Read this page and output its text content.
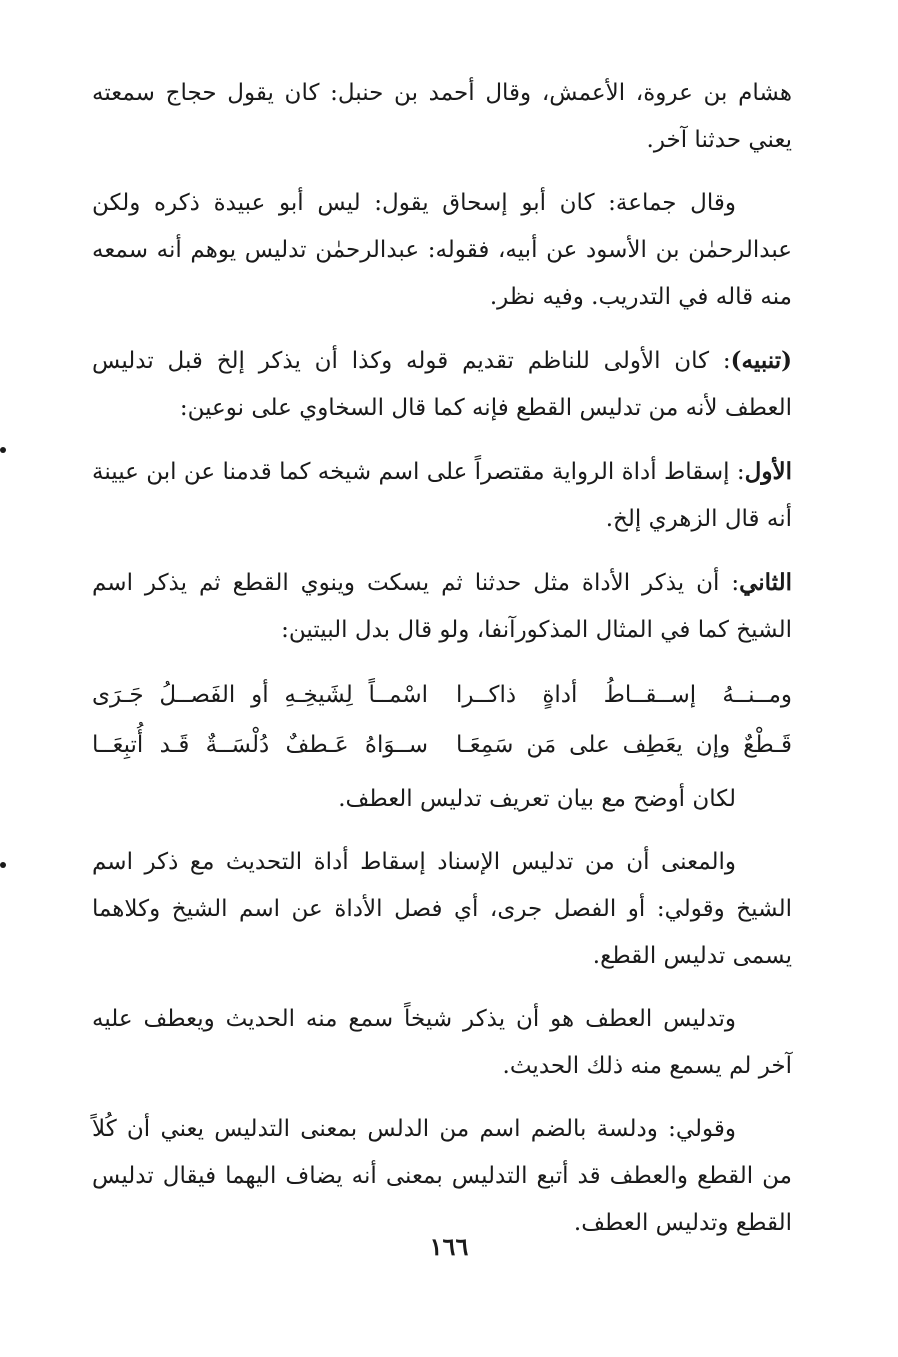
هشام بن عروة، الأعمش، وقال أحمد بن حنبل: كان يقول حجاج سمعته يعني حدثنا آخر.

وقال جماعة: كان أبو إسحاق يقول: ليس أبو عبيدة ذكره ولكن عبدالرحمٰن بن الأسود عن أبيه، فقوله: عبدالرحمٰن تدليس يوهم أنه سمعه منه قاله في التدريب. وفيه نظر.

(تنبيه): كان الأولى للناظم تقديم قوله وكذا أن يذكر إلخ قبل تدليس العطف لأنه من تدليس القطع فإنه كما قال السخاوي على نوعين:

الأول: إسقاط أداة الرواية مقتصراً على اسم شيخه كما قدمنا عن ابن عيينة أنه قال الزهري إلخ.

الثاني: أن يذكر الأداة مثل حدثنا ثم يسكت وينوي القطع ثم يذكر اسم الشيخ كما في المثال المذكورآنفا، ولو قال بدل البيتين:

ومــنــهُ إســقــاطُ أداةٍ ذاكــرا
اسْمــاً لِشَيخِـهِ أو الفَصــلُ جَـرَى
قَـطْعٌ وإن يعَطِف على مَن سَمِعَـا
ســوَاهُ عَـطفٌ دُلْسَــةٌ قَـد أُتبِعَــا

لكان أوضح مع بيان تعريف تدليس العطف.

والمعنى أن من تدليس الإسناد إسقاط أداة التحديث مع ذكر اسم الشيخ وقولي: أو الفصل جرى، أي فصل الأداة عن اسم الشيخ وكلاهما يسمى تدليس القطع.

وتدليس العطف هو أن يذكر شيخاً سمع منه الحديث ويعطف عليه آخر لم يسمع منه ذلك الحديث.

وقولي: ودلسة بالضم اسم من الدلس بمعنى التدليس يعني أن كُلاً من القطع والعطف قد أتبع التدليس بمعنى أنه يضاف اليهما فيقال تدليس القطع وتدليس العطف.

١٦٦
